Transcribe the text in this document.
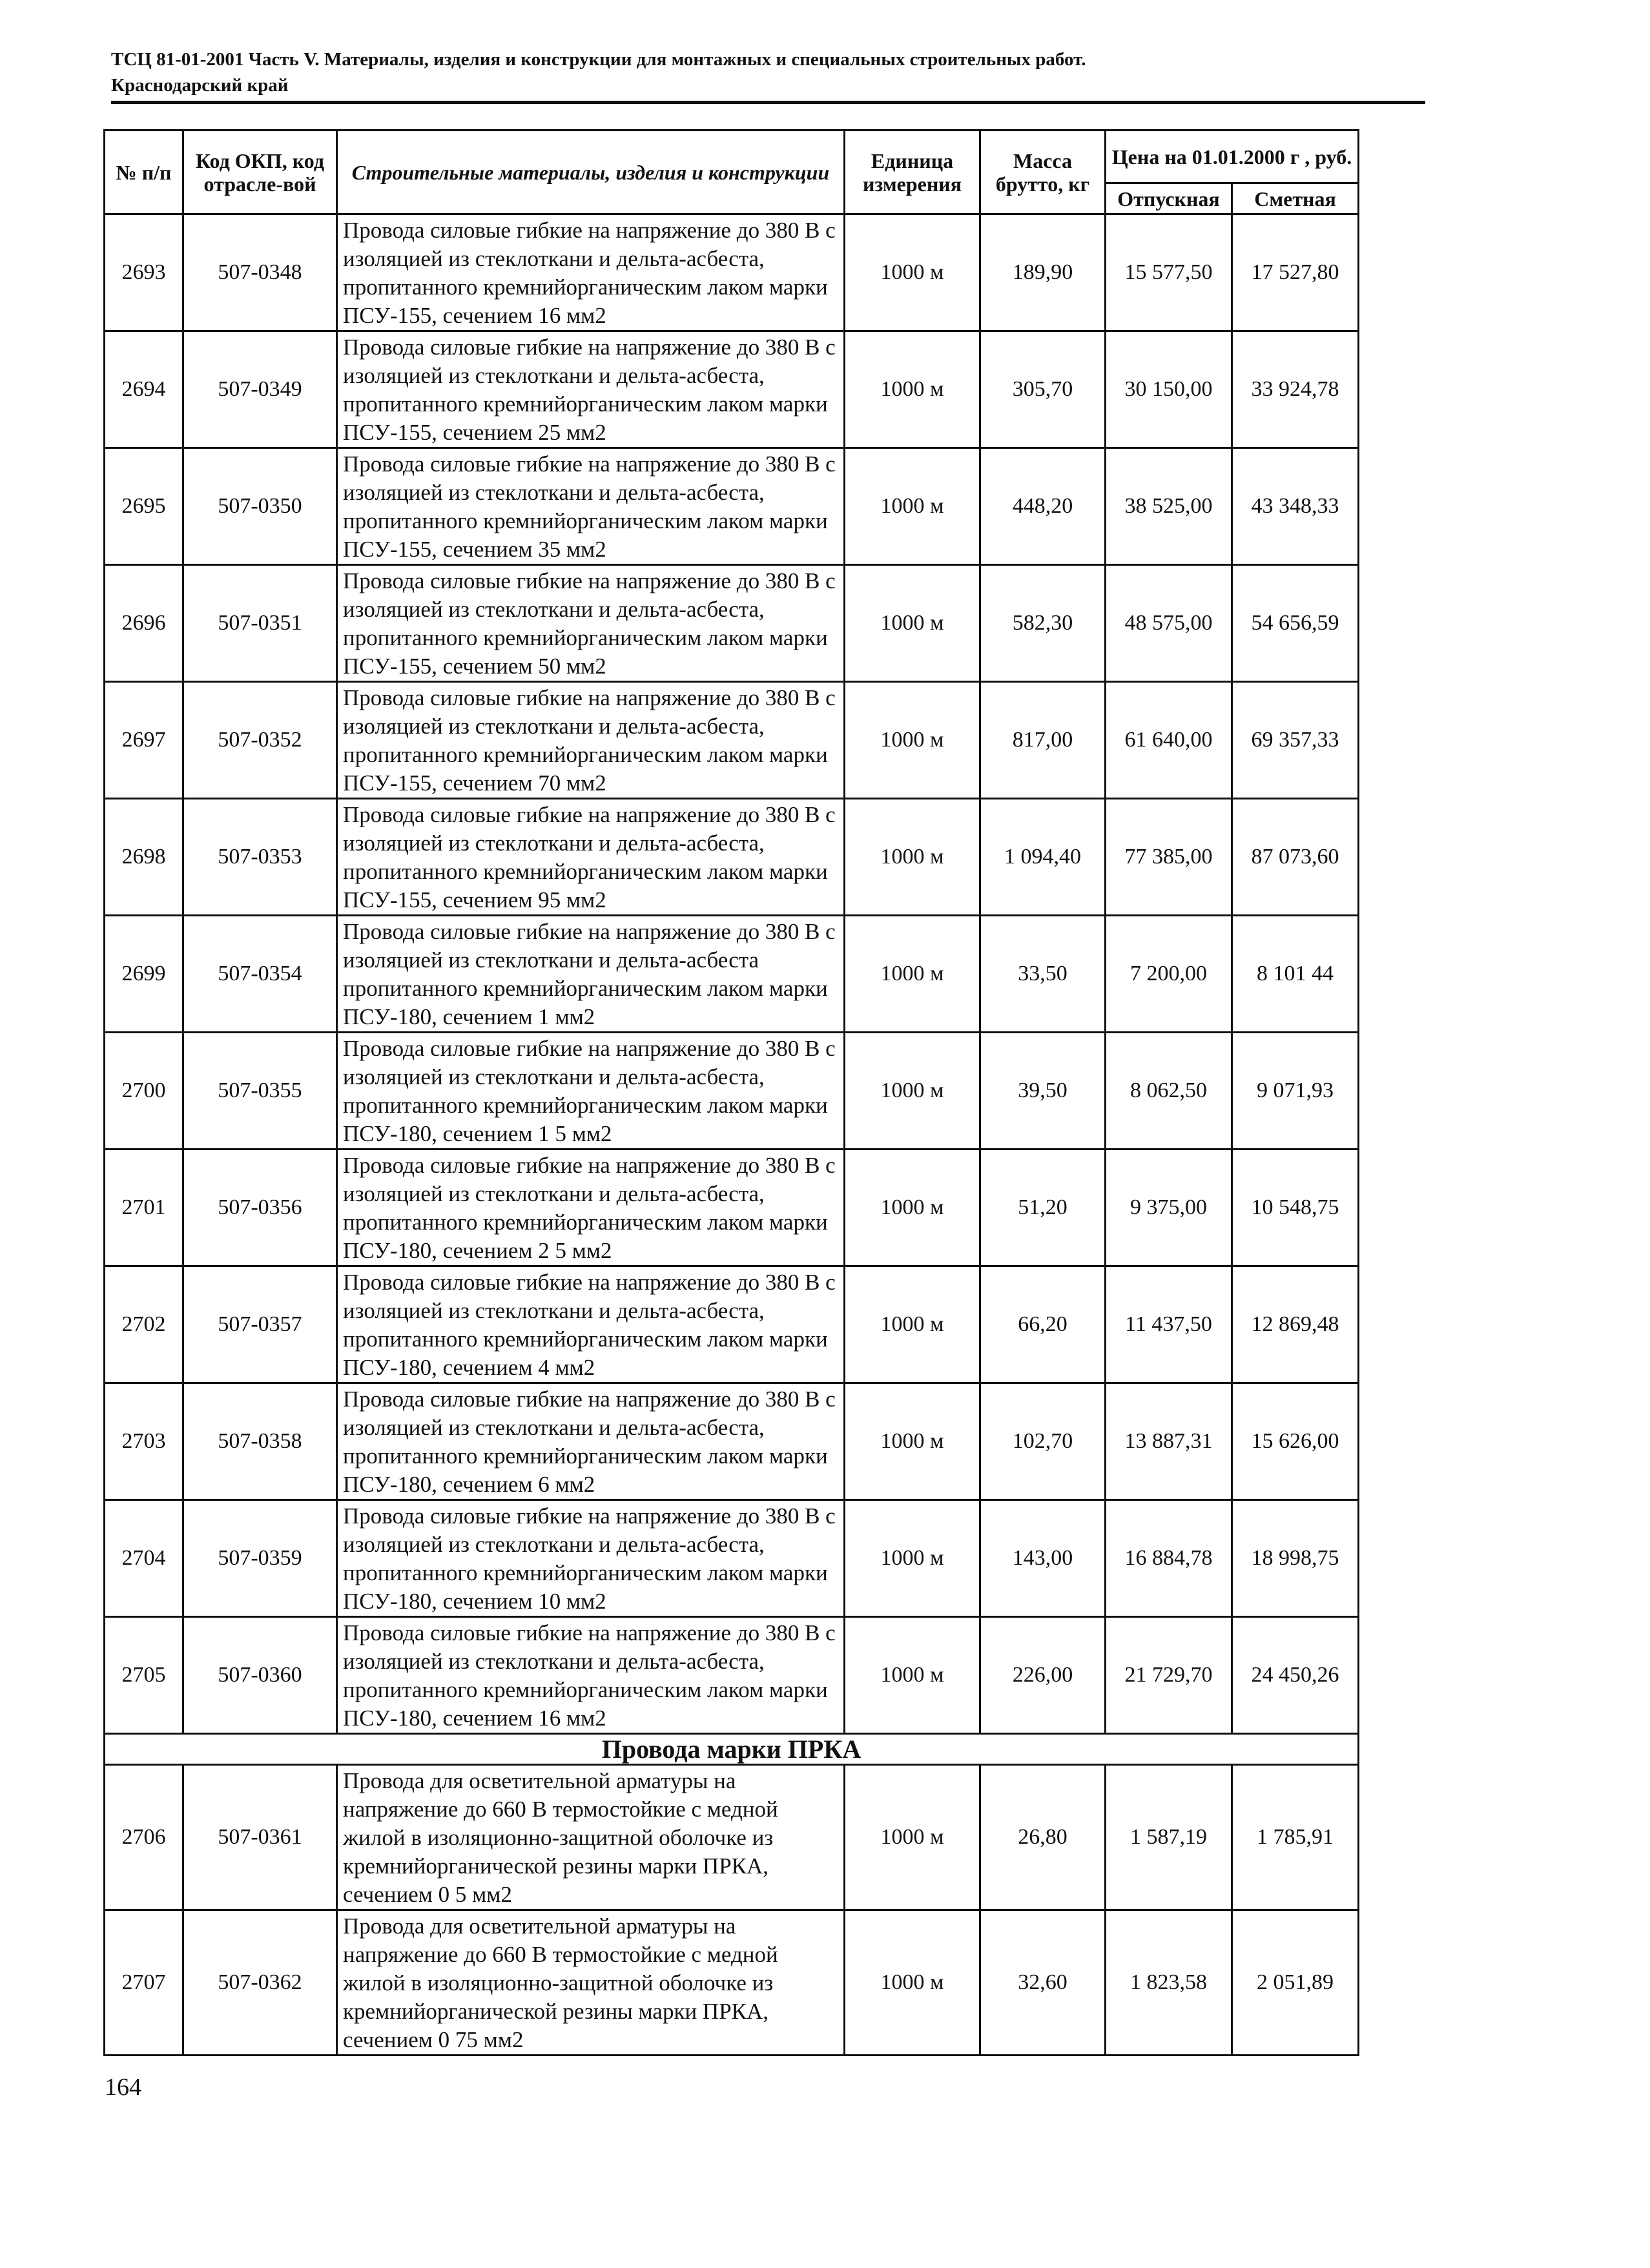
ТСЦ 81-01-2001 Часть V. Материалы, изделия и конструкции для монтажных и специальных строительных работ.
Краснодарский край
№ п/п	Код ОКП, код отрасле-вой	Строительные материалы, изделия и конструкции	Единица измерения	Масса брутто, кг	Цена на 01.01.2000 г , руб.	
					Отпускная	Сметная
2693	507-0348	Провода силовые гибкие на напряжение до 380 В с изоляцией из стеклоткани и дельта-асбеста, пропитанного кремнийорганическим лаком марки ПСУ-155, сечением 16 мм2	1000 м	189,90	15 577,50	17 527,80
2694	507-0349	Провода силовые гибкие на напряжение до 380 В с изоляцией из стеклоткани и дельта-асбеста, пропитанного кремнийорганическим лаком марки ПСУ-155, сечением 25 мм2	1000 м	305,70	30 150,00	33 924,78
2695	507-0350	Провода силовые гибкие на напряжение до 380 В с изоляцией из стеклоткани и дельта-асбеста, пропитанного кремнийорганическим лаком марки ПСУ-155, сечением 35 мм2	1000 м	448,20	38 525,00	43 348,33
2696	507-0351	Провода силовые гибкие на напряжение до 380 В с изоляцией из стеклоткани и дельта-асбеста, пропитанного кремнийорганическим лаком марки ПСУ-155, сечением 50 мм2	1000 м	582,30	48 575,00	54 656,59
2697	507-0352	Провода силовые гибкие на напряжение до 380 В с изоляцией из стеклоткани и дельта-асбеста, пропитанного кремнийорганическим лаком марки ПСУ-155, сечением 70 мм2	1000 м	817,00	61 640,00	69 357,33
2698	507-0353	Провода силовые гибкие на напряжение до 380 В с изоляцией из стеклоткани и дельта-асбеста, пропитанного кремнийорганическим лаком марки ПСУ-155, сечением 95 мм2	1000 м	1 094,40	77 385,00	87 073,60
2699	507-0354	Провода силовые гибкие на напряжение до 380 В с изоляцией из стеклоткани и дельта-асбеста пропитанного кремнийорганическим лаком марки ПСУ-180, сечением 1 мм2	1000 м	33,50	7 200,00	8 101 44
2700	507-0355	Провода силовые гибкие на напряжение до 380 В с изоляцией из стеклоткани и дельта-асбеста, пропитанного кремнийорганическим лаком марки ПСУ-180, сечением 1 5 мм2	1000 м	39,50	8 062,50	9 071,93
2701	507-0356	Провода силовые гибкие на напряжение до 380 В с изоляцией из стеклоткани и дельта-асбеста, пропитанного кремнийорганическим лаком марки ПСУ-180, сечением 2 5 мм2	1000 м	51,20	9 375,00	10 548,75
2702	507-0357	Провода силовые гибкие на напряжение до 380 В с изоляцией из стеклоткани и дельта-асбеста, пропитанного кремнийорганическим лаком марки ПСУ-180, сечением 4 мм2	1000 м	66,20	11 437,50	12 869,48
2703	507-0358	Провода силовые гибкие на напряжение до 380 В с изоляцией из стеклоткани и дельта-асбеста, пропитанного кремнийорганическим лаком марки ПСУ-180, сечением 6 мм2	1000 м	102,70	13 887,31	15 626,00
2704	507-0359	Провода силовые гибкие на напряжение до 380 В с изоляцией из стеклоткани и дельта-асбеста, пропитанного кремнийорганическим лаком марки ПСУ-180, сечением 10 мм2	1000 м	143,00	16 884,78	18 998,75
2705	507-0360	Провода силовые гибкие на напряжение до 380 В с изоляцией из стеклоткани и дельта-асбеста, пропитанного кремнийорганическим лаком марки ПСУ-180, сечением 16 мм2	1000 м	226,00	21 729,70	24 450,26
Провода марки ПРКА						
2706	507-0361	Провода для осветительной арматуры на напряжение до 660 В термостойкие с медной жилой в изоляционно-защитной оболочке из кремнийорганической резины марки ПРКА, сечением 0 5 мм2	1000 м	26,80	1 587,19	1 785,91
2707	507-0362	Провода для осветительной арматуры на напряжение до 660 В термостойкие с медной жилой в изоляционно-защитной оболочке из кремнийорганической резины марки ПРКА, сечением 0 75 мм2	1000 м	32,60	1 823,58	2 051,89
164
